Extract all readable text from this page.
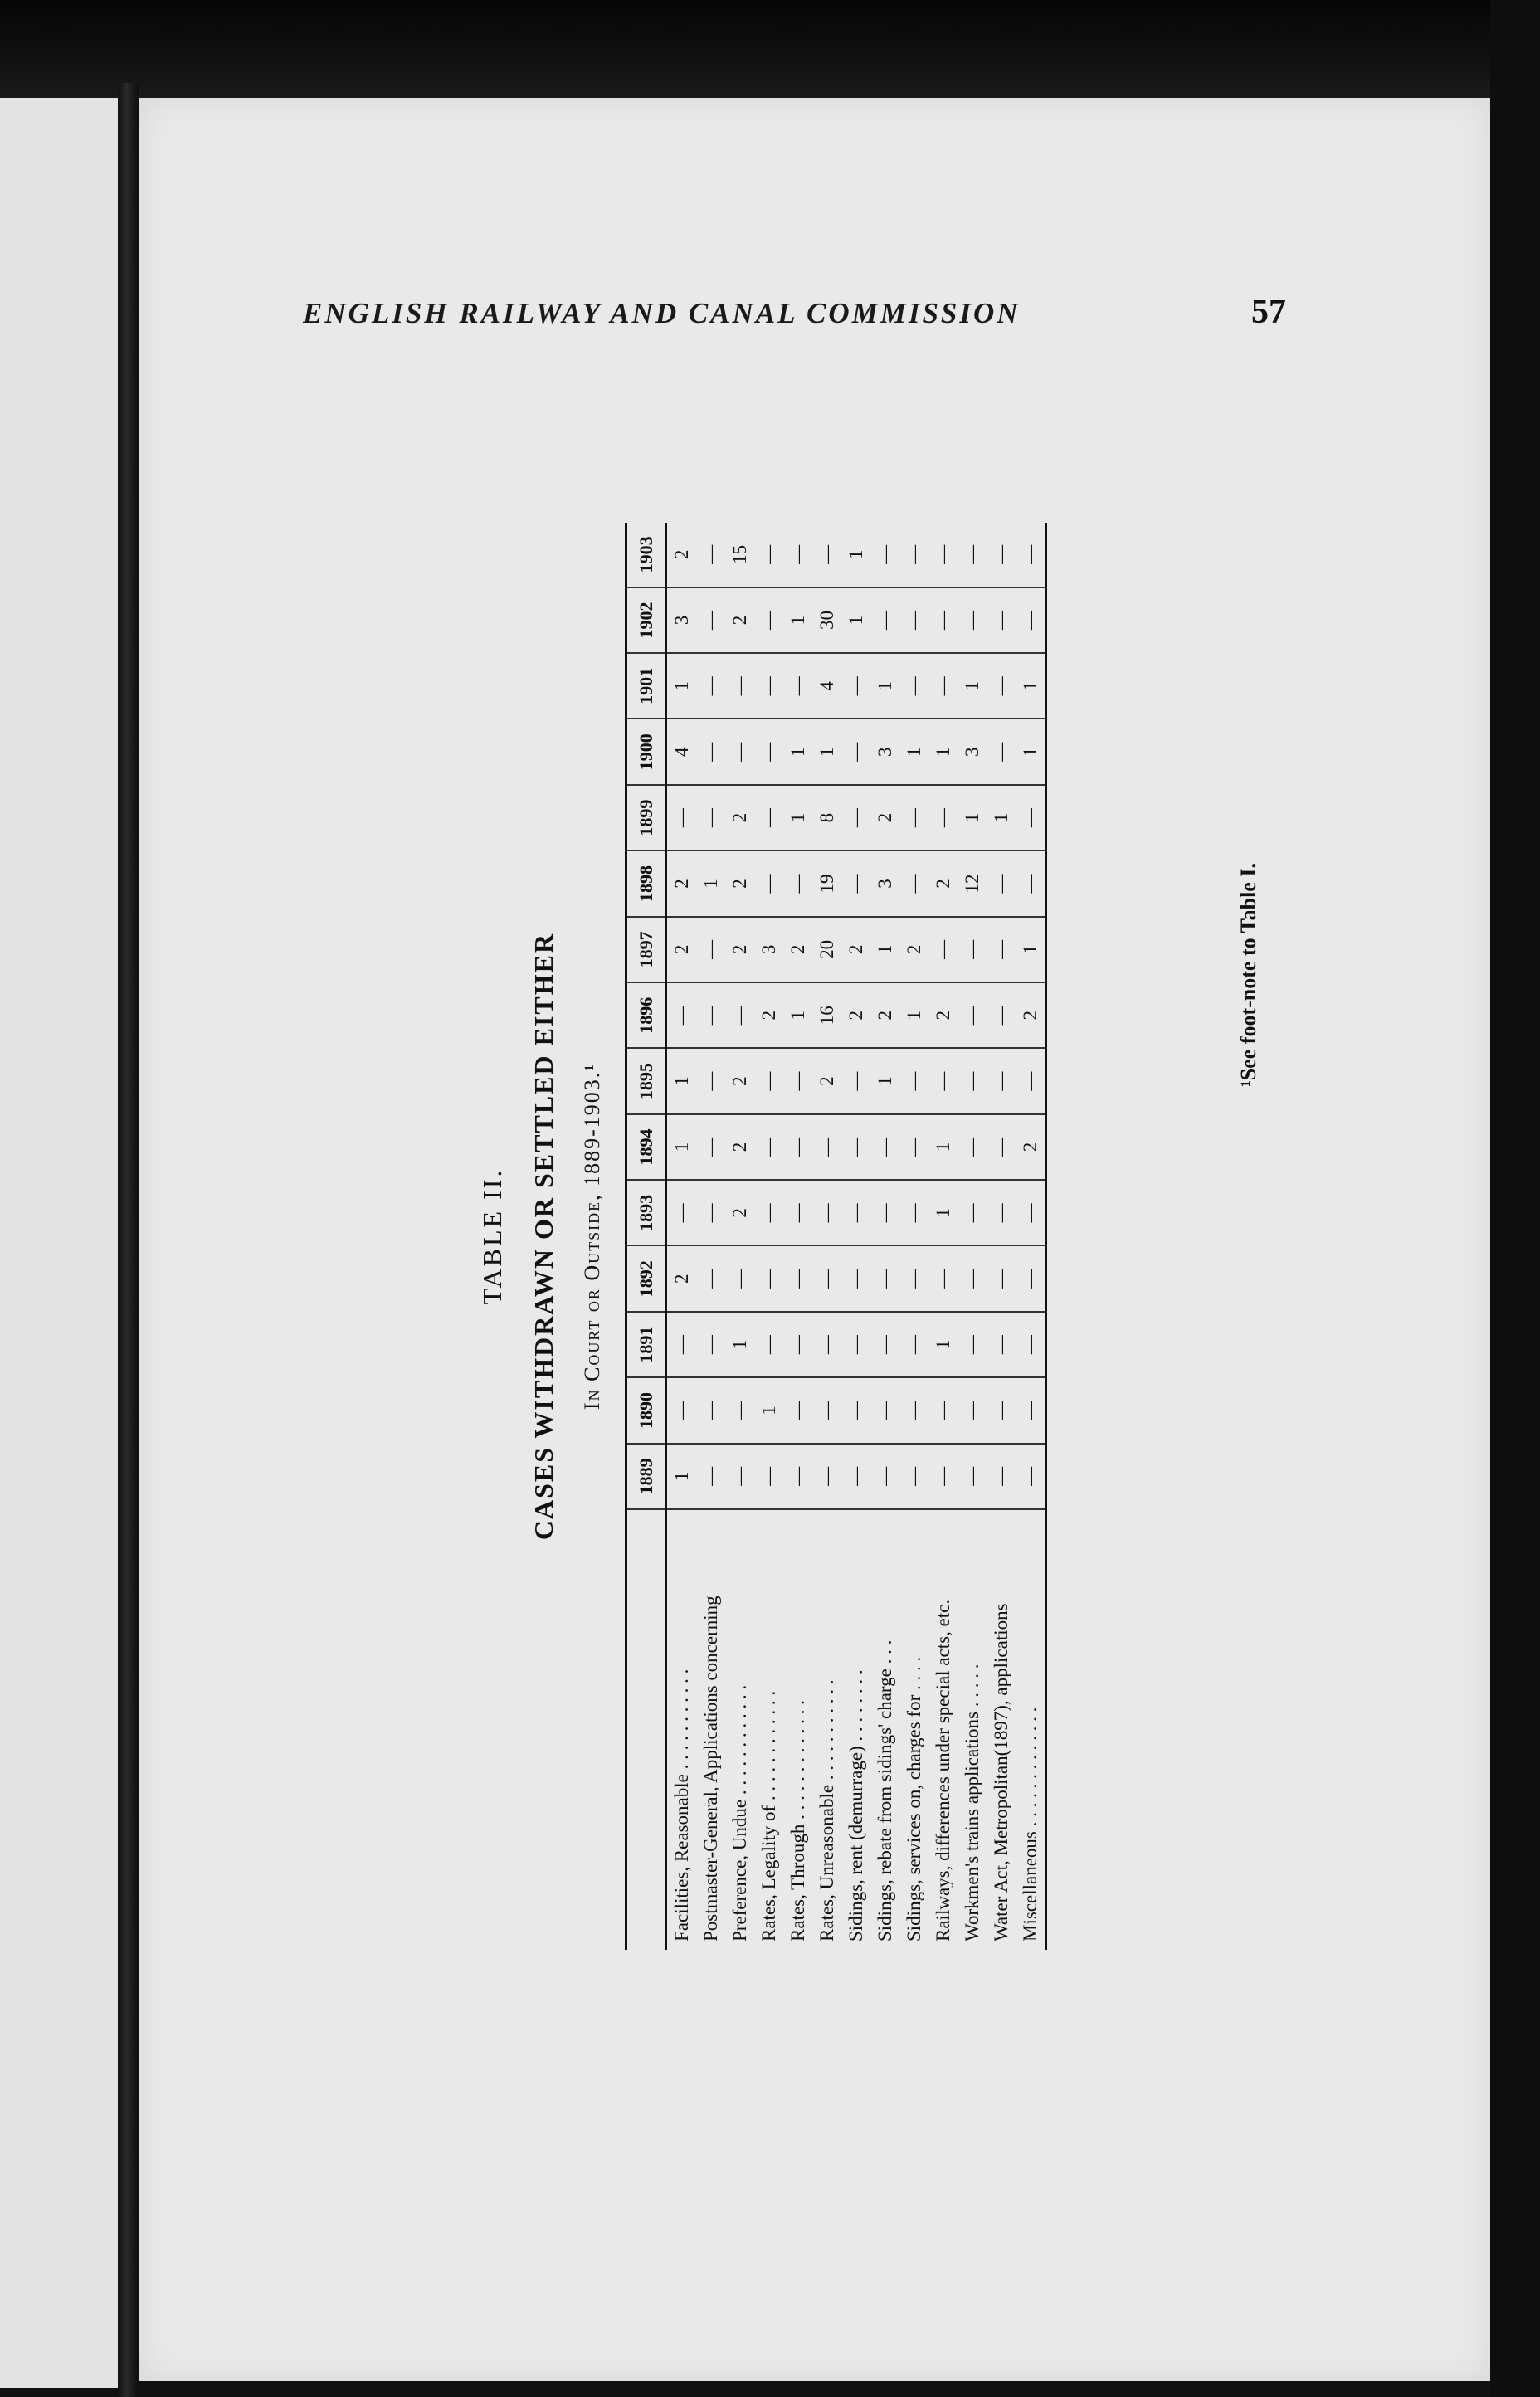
ENGLISH RAILWAY AND CANAL COMMISSION	57
TABLE II. CASES WITHDRAWN OR SETTLED EITHER In Court or Outside, 1889-1903.¹
	1889	1890	1891	1892	1893	1894	1895	1896	1897	1898	1899	1900	1901	1902	1903
Facilities, Reasonable . . . . . . . . . . .	1	—	—	2	—	1	1	—	2	2	—	4	1	3	2
Postmaster-General, Applications concerning	—	—	—	—	—	—	—	—	—	1	—	—	—	—	—
Preference, Undue . . . . . . . . . . . .	—	—	1	—	2	2	2	—	2	2	2	—	—	2	15
Rates, Legality of . . . . . . . . . . . .	—	1	—	—	—	—	—	2	3	—	—	—	—	—	—
Rates, Through . . . . . . . . . . . . .	—	—	—	—	—	—	—	1	2	—	1	1	—	1	—
Rates, Unreasonable . . . . . . . . . . .	—	—	—	—	—	—	2	16	20	19	8	1	4	30	—
Sidings, rent (demurrage) . . . . . . . .	—	—	—	—	—	—	—	2	2	—	—	—	—	1	1
Sidings, rebate from sidings' charge . . .	—	—	—	—	—	—	1	2	1	3	2	3	1	—	—
Sidings, services on, charges for . . . .	—	—	—	—	—	—	—	1	2	—	—	1	—	—	—
Railways, differences under special acts, etc.	—	—	1	—	1	1	—	2	—	2	—	1	—	—	—
Workmen's trains applications . . . . .	—	—	—	—	—	—	—	—	—	12	1	3	1	—	—
Water Act, Metropolitan(1897), applications	—	—	—	—	—	—	—	—	—	—	1	—	—	—	—
Miscellaneous . . . . . . . . . . . . .	—	—	—	—	—	2	—	2	1	—	—	1	1	—	—
¹See foot-note to Table I.
